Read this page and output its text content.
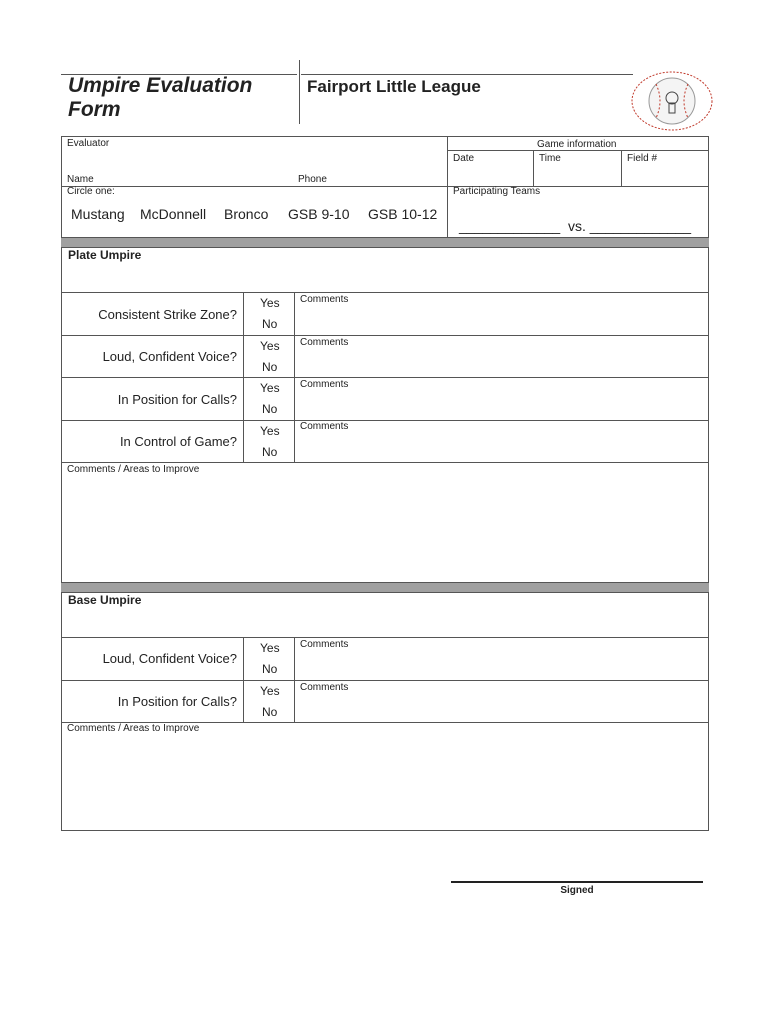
Umpire Evaluation Form
Fairport Little League
Evaluator
Name	Phone
Circle one:
Mustang McDonnell Bronco GSB 9-10 GSB 10-12
Game information
Date	Time	Field #
Participating Teams
_____________  vs. _____________
Plate Umpire
Consistent Strike Zone?
Yes
No
Comments
Loud, Confident Voice?
Yes
No
Comments
In Position for Calls?
Yes
No
Comments
In Control of Game?
Yes
No
Comments
Comments / Areas to Improve
Base Umpire
Loud, Confident Voice?
Yes
No
Comments
In Position for Calls?
Yes
No
Comments
Comments / Areas to Improve
Signed
